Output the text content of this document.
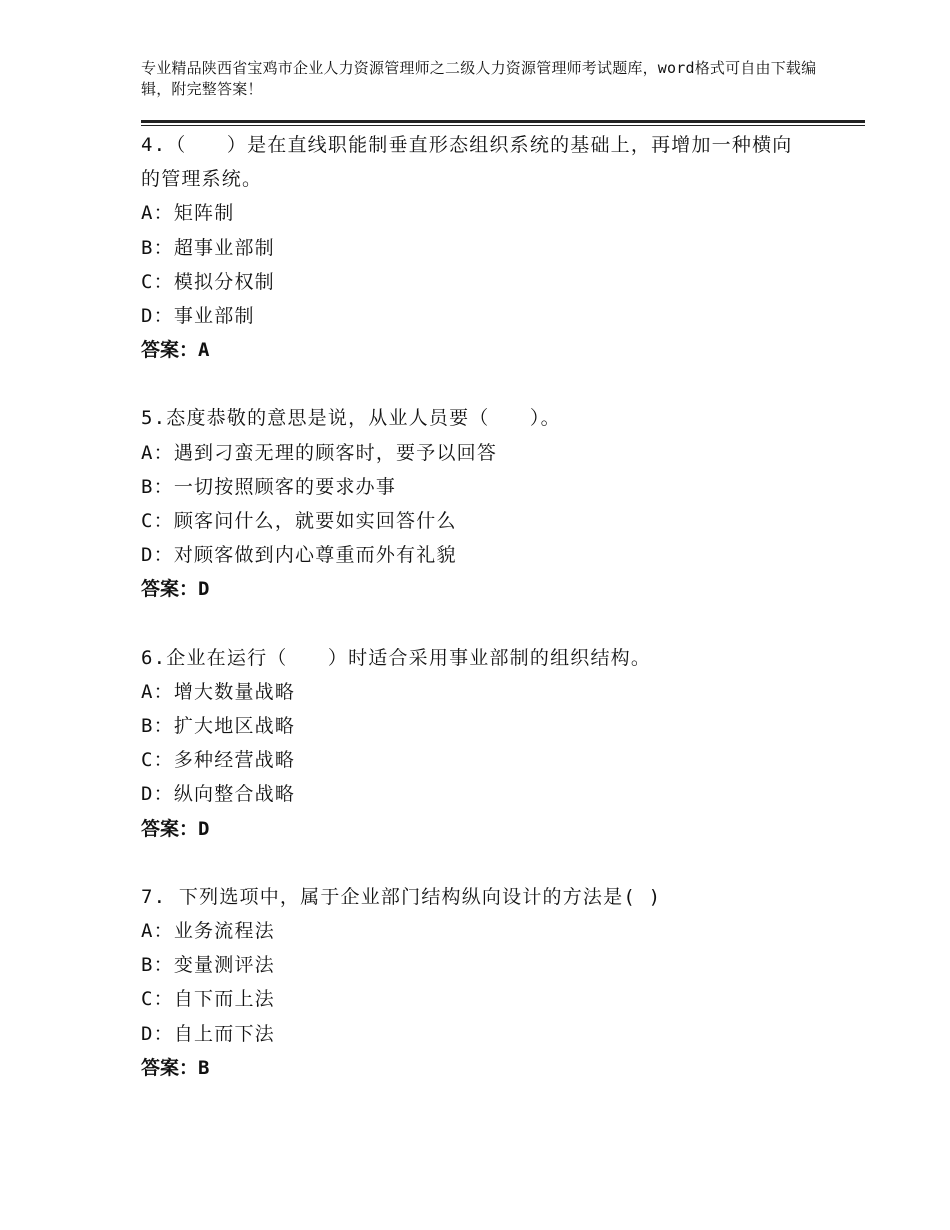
专业精品陕西省宝鸡市企业人力资源管理师之二级人力资源管理师考试题库，word格式可自由下载编辑，附完整答案！
4.（　　）是在直线职能制垂直形态组织系统的基础上，再增加一种横向的管理系统。
A：矩阵制
B：超事业部制
C：模拟分权制
D：事业部制
答案：A
5.态度恭敬的意思是说，从业人员要（　　）。
A：遇到刁蛮无理的顾客时，要予以回答
B：一切按照顾客的要求办事
C：顾客问什么，就要如实回答什么
D：对顾客做到内心尊重而外有礼貌
答案：D
6.企业在运行（　　）时适合采用事业部制的组织结构。
A：增大数量战略
B：扩大地区战略
C：多种经营战略
D：纵向整合战略
答案：D
7. 下列选项中，属于企业部门结构纵向设计的方法是( )
A：业务流程法
B：变量测评法
C：自下而上法
D：自上而下法
答案：B
